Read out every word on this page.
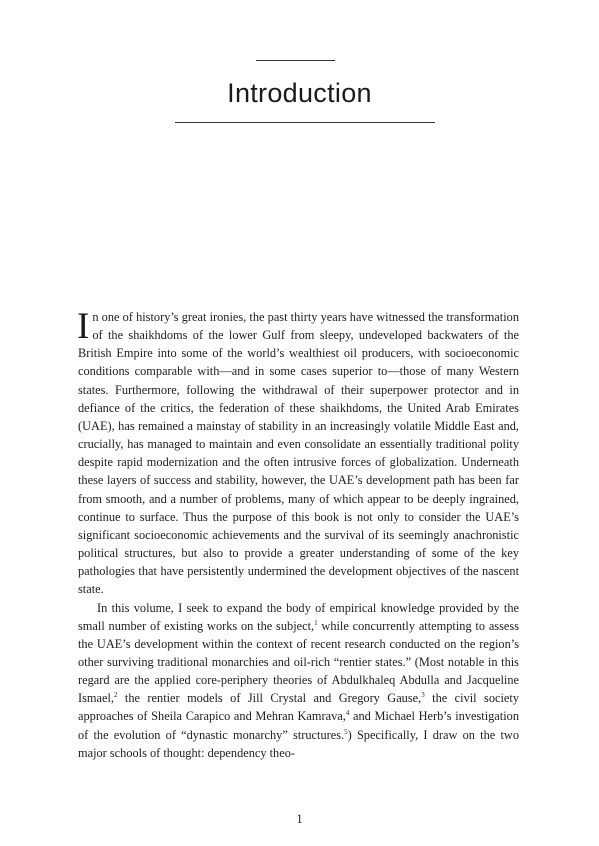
Introduction

In one of history’s great ironies, the past thirty years have witnessed the transformation of the shaikhdoms of the lower Gulf from sleepy, undeveloped backwaters of the British Empire into some of the world’s wealthiest oil producers, with socioeconomic conditions comparable with—and in some cases superior to—those of many Western states. Furthermore, following the withdrawal of their superpower protector and in defiance of the critics, the federation of these shaikhdoms, the United Arab Emirates (UAE), has remained a mainstay of stability in an increasingly volatile Middle East and, crucially, has managed to maintain and even consolidate an essentially traditional polity despite rapid modernization and the often intrusive forces of globalization. Underneath these layers of success and stability, however, the UAE’s development path has been far from smooth, and a number of problems, many of which appear to be deeply ingrained, continue to surface. Thus the purpose of this book is not only to consider the UAE’s significant socioeconomic achievements and the survival of its seemingly anachronistic political structures, but also to provide a greater understanding of some of the key pathologies that have persistently undermined the development objectives of the nascent state.

In this volume, I seek to expand the body of empirical knowledge provided by the small number of existing works on the subject,$^1$ while concurrently attempting to assess the UAE’s development within the context of recent research conducted on the region’s other surviving traditional monarchies and oil-rich “rentier states.” (Most notable in this regard are the applied core-periphery theories of Abdulkhaleq Abdulla and Jacqueline Ismael,$^2$ the rentier models of Jill Crystal and Gregory Gause,$^3$ the civil society approaches of Sheila Carapico and Mehran Kamrava,$^4$ and Michael Herb’s investigation of the evolution of “dynastic monarchy” structures.$^5$) Specifically, I draw on the two major schools of thought: dependency theo-

1
